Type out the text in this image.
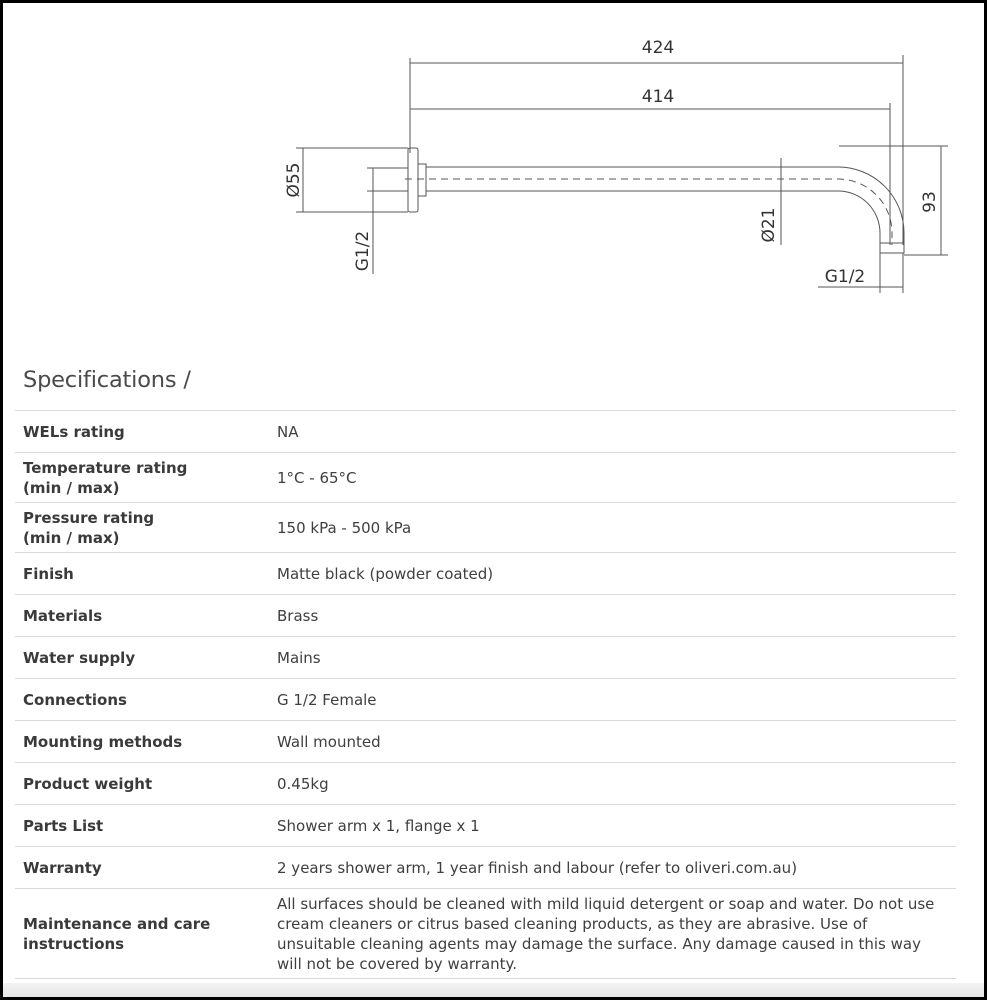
424
414
Ø55
G1/2
Ø21
93
G1/2
Specifications /
WELs rating	NA
Temperature rating
(min / max)	1°C - 65°C
Pressure rating
(min / max)	150 kPa - 500 kPa
Finish	Matte black (powder coated)
Materials	Brass
Water supply	Mains
Connections	G 1/2 Female
Mounting methods	Wall mounted
Product weight	0.45kg
Parts List	Shower arm x 1, flange x 1
Warranty	2 years shower arm, 1 year finish and labour (refer to oliveri.com.au)
Maintenance and care
instructions	All surfaces should be cleaned with mild liquid detergent or soap and water. Do not use cream cleaners or citrus based cleaning products, as they are abrasive. Use of unsuitable cleaning agents may damage the surface. Any damage caused in this way will not be covered by warranty.
